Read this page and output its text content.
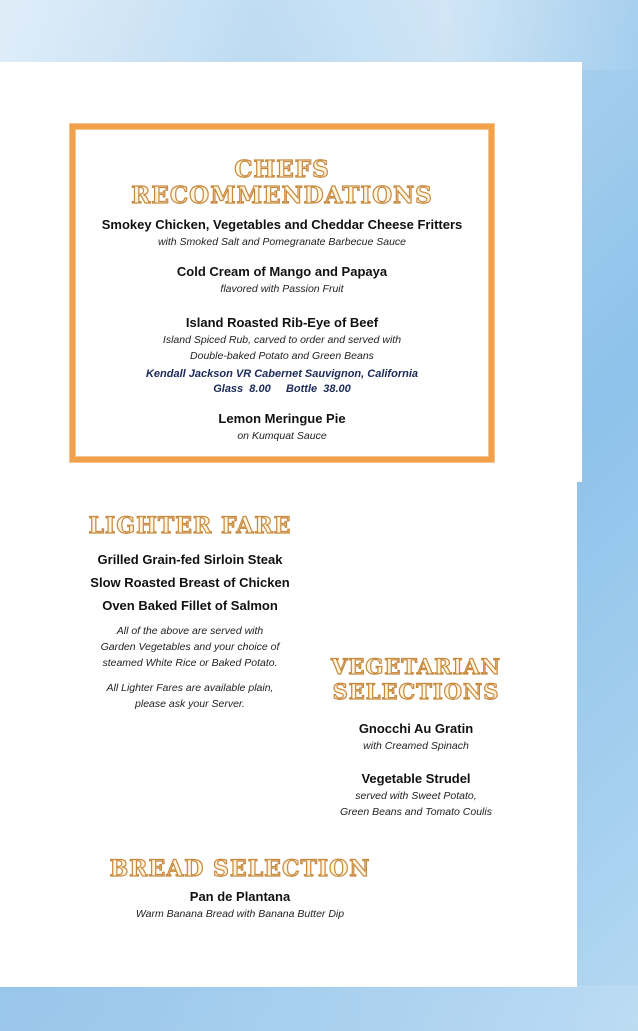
CHEFS

RECOMMENDATIONS

Smokey Chicken, Vegetables and Cheddar Cheese Fritters

with Smoked Salt and Pomegranate Barbecue Sauce

Cold Cream of Mango and Papaya

flavored with Passion Fruit

Island Roasted Rib-Eye of Beef

Island Spiced Rub, carved to order and served with

Double-baked Potato and Green Beans

Kendall Jackson VR Cabernet Sauvignon, California

Glass  8.00     Bottle  38.00

Lemon Meringue Pie

on Kumquat Sauce

LIGHTER FARE

Grilled Grain-fed Sirloin Steak

Slow Roasted Breast of Chicken

Oven Baked Fillet of Salmon

All of the above are served with

Garden Vegetables and your choice of

steamed White Rice or Baked Potato.

All Lighter Fares are available plain,

please ask your Server.

VEGETARIAN

SELECTIONS

Gnocchi Au Gratin

with Creamed Spinach

Vegetable Strudel

served with Sweet Potato,

Green Beans and Tomato Coulis

BREAD SELECTION

Pan de Plantana

Warm Banana Bread with Banana Butter Dip
